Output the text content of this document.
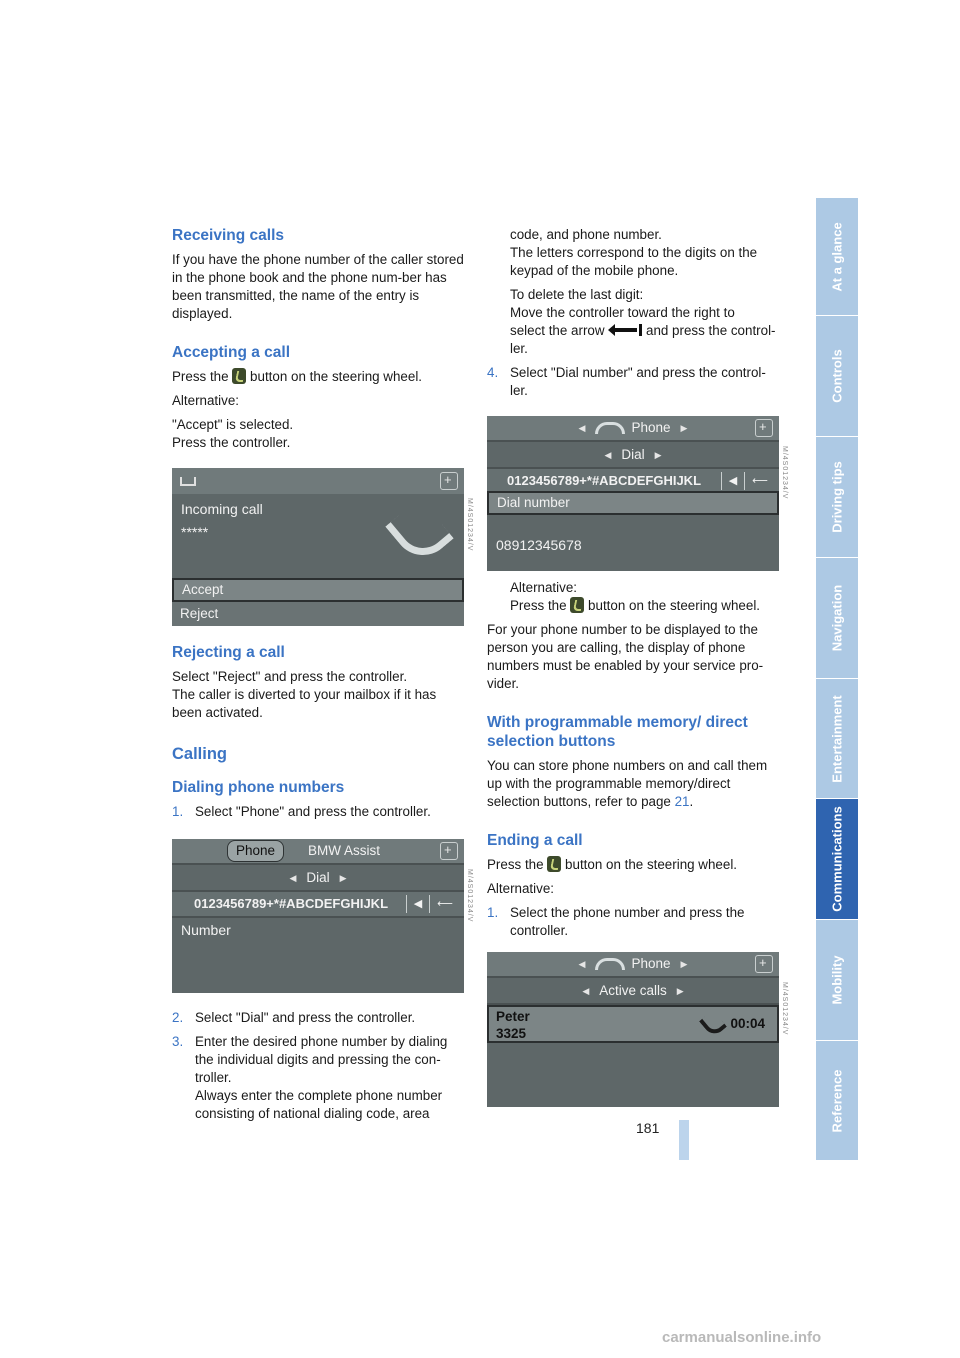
Receiving calls

If you have the phone number of the caller stored in the phone book and the phone num-ber has been transmitted, the name of the entry is displayed.

Accepting a call

Press the button on the steering wheel.

Alternative:

"Accept" is selected.

Press the controller.

+
Incoming call
*****
Accept
Reject
M/4S01234/V
Rejecting a call

Select "Reject" and press the controller.

The caller is diverted to your mailbox if it has been activated.

Calling
Dialing phone numbers
1. Select "Phone" and press the controller.
Phone	BMW Assist
+
◀ Dial ▶
0123456789+*#ABCDEFGHIJKL	◀	⟵
Number
M/4S01234/V
2. Select "Dial" and press the controller.
3. Enter the desired phone number by dialing the individual digits and pressing the con-troller.

Always enter the complete phone number consisting of national dialing code, area

code, and phone number.

The letters correspond to the digits on the keypad of the mobile phone.

To delete the last digit:

Move the controller toward the right to

select the arrow	and press the control-ler.

4. Select "Dial number" and press the control-ler.
◀	Phone ▶
+
◀ Dial ▶
0123456789+*#ABCDEFGHIJKL	◀	⟵
Dial number
08912345678
M/4S01234/V

Alternative:

Press the button on the steering wheel.

For your phone number to be displayed to the person you are calling, the display of phone numbers must be enabled by your service pro-vider.

With programmable memory/ direct selection buttons

You can store phone numbers on and call them up with the programmable memory/direct selection buttons, refer to page 21.

Ending a call

Press the button on the steering wheel.

Alternative:

1. Select the phone number and press the controller.
◀	Phone ▶
+
◀ Active calls ▶
Peter
3325
00:04	M/4S01234/V
Reference
Mobility
Communications
Entertainment
Navigation
Driving tips
Controls
At a glance
181
carmanualsonline.info
